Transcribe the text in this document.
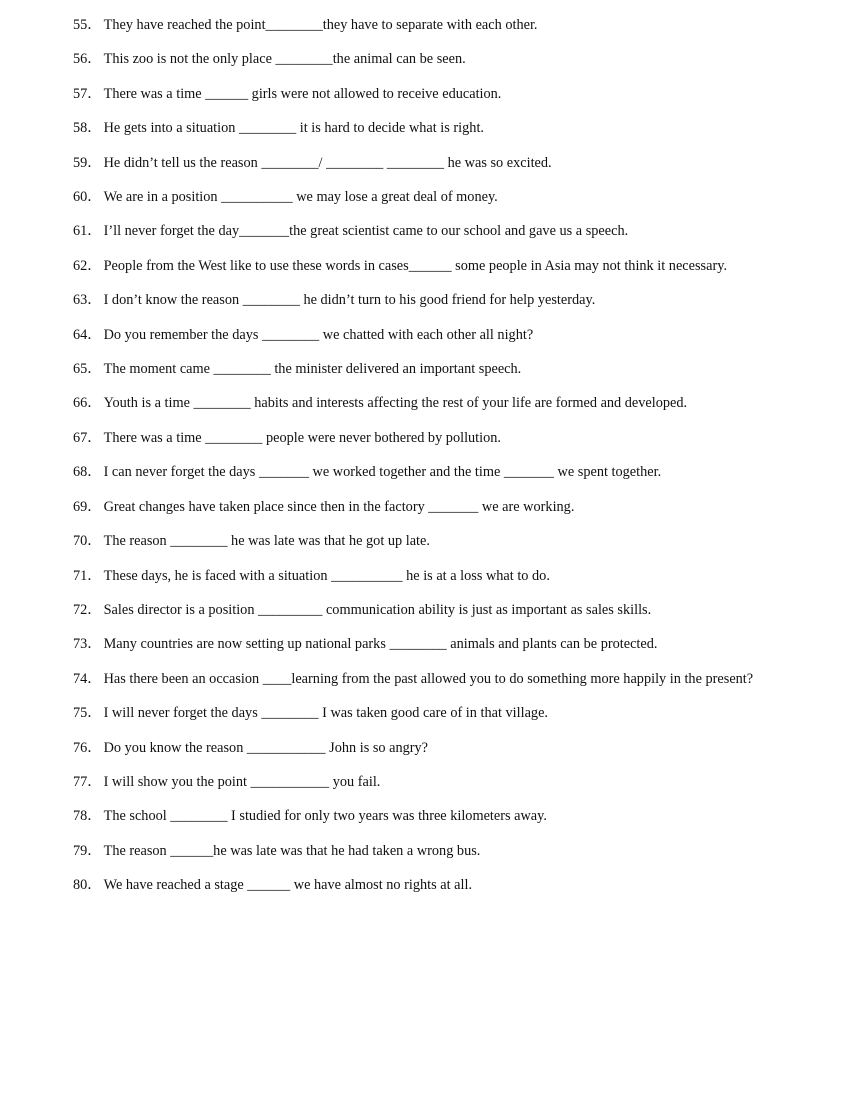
55． They have reached the point________they have to separate with each other.
56． This zoo is not the only place ________the animal can be seen.
57． There was a time ______ girls were not allowed to receive education.
58． He gets into a situation ________ it is hard to decide what is right.
59． He didn’t tell us the reason ________/ ________ ________ he was so excited.
60． We are in a position __________ we may lose a great deal of money.
61． I’ll never forget the day_______the great scientist came to our school and gave us a speech.
62． People from the West like to use these words in cases______ some people in Asia may not think it necessary.
63． I don’t know the reason ________ he didn’t turn to his good friend for help yesterday.
64． Do you remember the days ________ we chatted with each other all night?
65． The moment came ________ the minister delivered an important speech.
66． Youth is a time ________ habits and interests affecting the rest of your life are formed and developed.
67． There was a time ________ people were never bothered by pollution.
68． I can never forget the days _______ we worked together and the time _______ we spent together.
69． Great changes have taken place since then in the factory _______ we are working.
70． The reason ________ he was late was that he got up late.
71． These days, he is faced with a situation __________ he is at a loss what to do.
72． Sales director is a position _________ communication ability is just as important as sales skills.
73． Many countries are now setting up national parks ________ animals and plants can be protected.
74． Has there been an occasion ____learning from the past allowed you to do something more happily in the present?
75． I will never forget the days ________ I was taken good care of in that village.
76． Do you know the reason ___________ John is so angry?
77． I will show you the point ___________ you fail.
78． The school ________ I studied for only two years was three kilometers away.
79． The reason ______he was late was that he had taken a wrong bus.
80． We have reached a stage ______ we have almost no rights at all.
